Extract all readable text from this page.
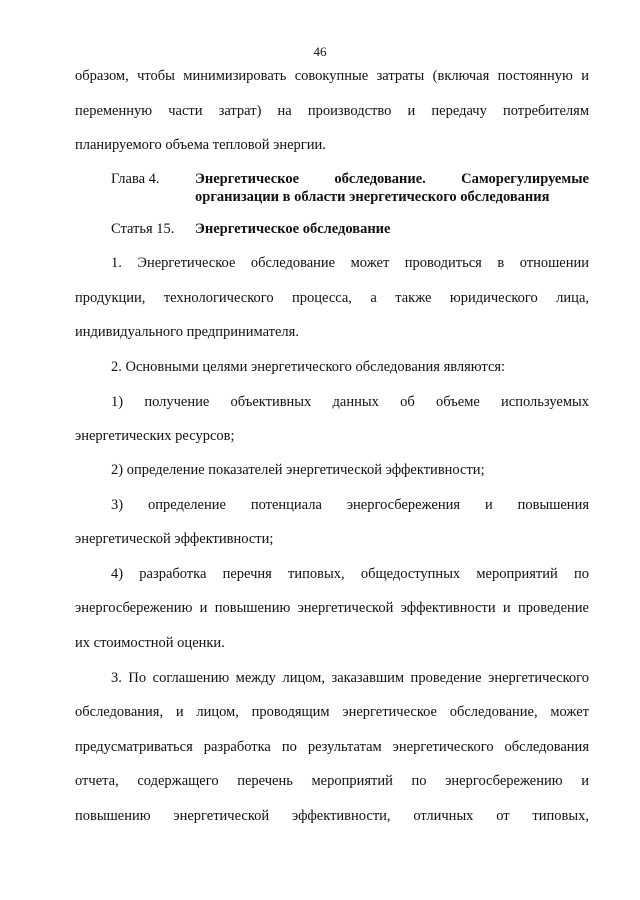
46
образом, чтобы минимизировать совокупные затраты (включая постоянную и
переменную части затрат) на производство и передачу потребителям
планируемого объема тепловой энергии.
Глава 4. Энергетическое обследование. Саморегулируемые
организации в области энергетического обследования
Статья 15. Энергетическое обследование
1. Энергетическое обследование может проводиться в отношении
продукции, технологического процесса, а также юридического лица,
индивидуального предпринимателя.
2. Основными целями энергетического обследования являются:
1) получение объективных данных об объеме используемых
энергетических ресурсов;
2) определение показателей энергетической эффективности;
3) определение потенциала энергосбережения и повышения
энергетической эффективности;
4) разработка перечня типовых, общедоступных мероприятий по
энергосбережению и повышению энергетической эффективности и проведение
их стоимостной оценки.
3. По соглашению между лицом, заказавшим проведение энергетического
обследования, и лицом, проводящим энергетическое обследование, может
предусматриваться разработка по результатам энергетического обследования
отчета, содержащего перечень мероприятий по энергосбережению и
повышению энергетической эффективности, отличных от типовых,
